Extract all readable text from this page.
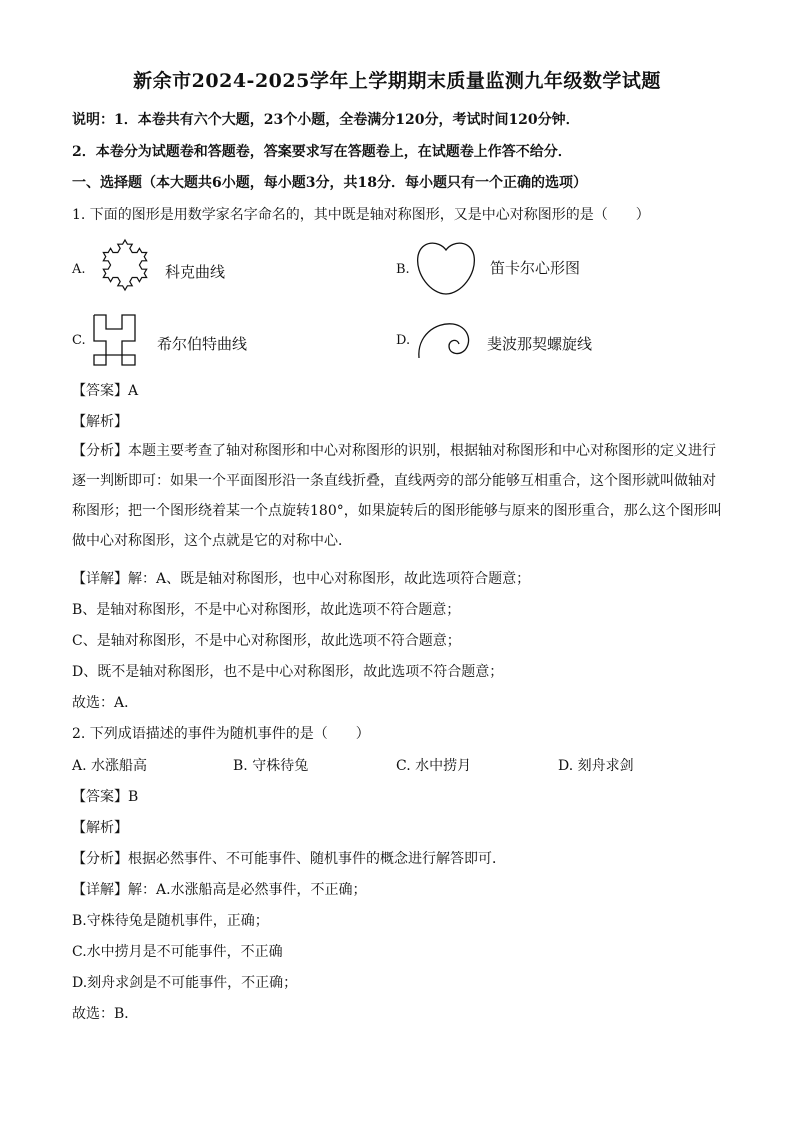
新余市2024-2025学年上学期期末质量监测九年级数学试题
说明：1．本卷共有六个大题，23个小题，全卷满分120分，考试时间120分钟．
2．本卷分为试题卷和答题卷，答案要求写在答题卷上，在试题卷上作答不给分．
一、选择题（本大题共6小题，每小题3分，共18分．每小题只有一个正确的选项）
1. 下面的图形是用数学家名字命名的，其中既是轴对称图形，又是中心对称图形的是（　　）
A.	科克曲线	B.	笛卡尔心形图
C.	希尔伯特曲线	D.	斐波那契螺旋线
【答案】A
【解析】
【分析】本题主要考查了轴对称图形和中心对称图形的识别，根据轴对称图形和中心对称图形的定义进行逐一判断即可：如果一个平面图形沿一条直线折叠，直线两旁的部分能够互相重合，这个图形就叫做轴对称图形；把一个图形绕着某一个点旋转180°，如果旋转后的图形能够与原来的图形重合，那么这个图形叫做中心对称图形，这个点就是它的对称中心．
【详解】解：A、既是轴对称图形，也中心对称图形，故此选项符合题意；
B、是轴对称图形，不是中心对称图形，故此选项不符合题意；
C、是轴对称图形，不是中心对称图形，故此选项不符合题意；
D、既不是轴对称图形，也不是中心对称图形，故此选项不符合题意；
故选：A．
2. 下列成语描述的事件为随机事件的是（　　）
A. 水涨船高	B. 守株待兔	C. 水中捞月	D. 刻舟求剑
【答案】B
【解析】
【分析】根据必然事件、不可能事件、随机事件的概念进行解答即可．
【详解】解：A.水涨船高是必然事件，不正确；
B.守株待兔是随机事件，正确；
C.水中捞月是不可能事件，不正确
D.刻舟求剑是不可能事件，不正确；
故选：B．
